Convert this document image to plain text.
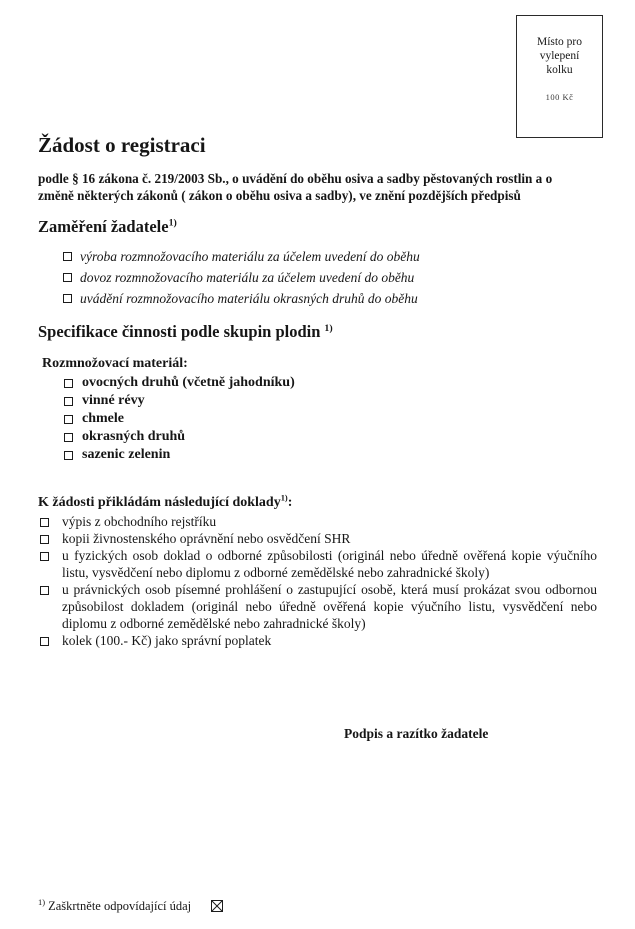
Místo pro
vylepení
kolku
100 Kč
Žádost o registraci
podle § 16 zákona č. 219/2003 Sb., o uvádění do oběhu osiva a sadby pěstovaných rostlin a o změně některých zákonů ( zákon o oběhu osiva a sadby), ve znění pozdějších předpisů
Zaměření žadatele$^{1)}$
výroba rozmnožovacího materiálu za účelem uvedení do oběhu
dovoz rozmnožovacího materiálu za účelem uvedení do oběhu
uvádění rozmnožovacího materiálu okrasných druhů do oběhu
Specifikace činnosti podle skupin plodin $^{1)}$
Rozmnožovací materiál:
ovocných druhů (včetně jahodníku)
vinné révy
chmele
okrasných druhů
sazenic zelenin
K žádosti přikládám následující doklady$^{1)}$:
výpis z obchodního rejstříku
kopii živnostenského oprávnění nebo osvědčení SHR
u fyzických osob doklad o odborné způsobilosti (originál nebo úředně ověřená kopie výučního listu, vysvědčení nebo diplomu z odborné zemědělské nebo zahradnické školy)
u právnických osob písemné prohlášení o zastupující osobě, která musí prokázat svou odbornou způsobilost dokladem (originál nebo úředně ověřená kopie výučního listu, vysvědčení nebo diplomu z odborné zemědělské nebo zahradnické školy)
kolek (100.- Kč) jako správní poplatek
Podpis a razítko žadatele
$^{1)}$ Zaškrtněte odpovídající údaj
